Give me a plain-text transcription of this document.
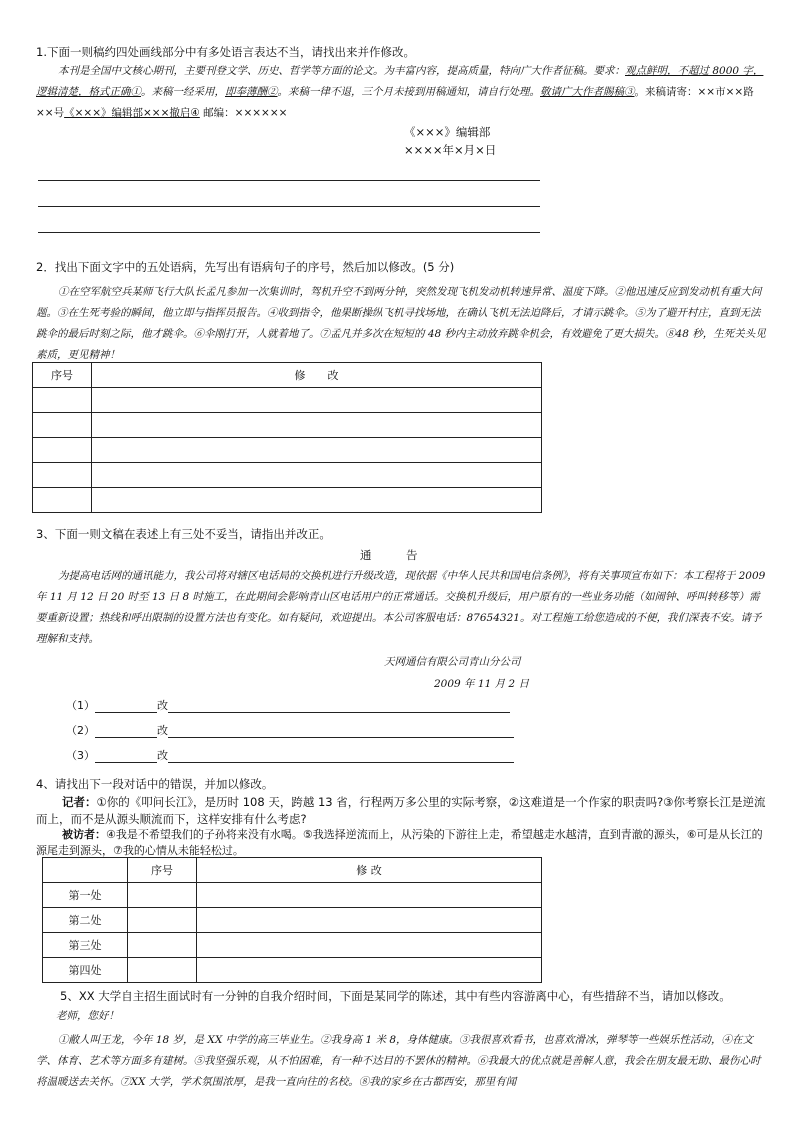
1.下面一则稿约四处画线部分中有多处语言表达不当，请找出来并作修改。
本刊是全国中文核心期刊，主要刊登文学、历史、哲学等方面的论文。为丰富内容，提高质量，特向广大作者征稿。要求：观点鲜明，不超过 8000 字，逻辑清楚，格式正确①。来稿一经采用，即奉薄酬②。来稿一律不退，三个月未接到用稿通知，请自行处理。敬请广大作者賜稿③。来稿请寄：××市××路××号《×××》编辑部×××撤启④ 邮编：××××××
《×××》编辑部
××××年×月×日
2．找出下面文字中的五处语病，先写出有语病句子的序号，然后加以修改。(5 分)
①在空军航空兵某师飞行大队长孟凡参加一次集训时，驾机升空不到两分钟，突然发现飞机发动机转速异常、温度下降。②他迅速反应到发动机有重大问题。③在生死考验的瞬间，他立即与指挥员报告。④收到指令，他果断操纵飞机寻找场地，在确认飞机无法迫降后，才请示跳伞。⑤为了避开村庄，直到无法跳伞的最后时刻之际，他才跳伞。⑥伞刚打开，人就着地了。⑦孟凡并多次在短短的 48 秒内主动放弃跳伞机会，有效避免了更大损失。⑧48 秒，生死关头见素质，更见精神！
序号	修　　改

3、下面一则文稿在表述上有三处不妥当，请指出并改正。
通　　　告
为提高电话网的通讯能力，我公司将对辖区电话局的交换机进行升级改造，现依据《中华人民共和国电信条例》，将有关事项宣布如下：本工程将于 2009 年 11 月 12 日 20 时至 13 日 8 时施工，在此期间会影响青山区电话用户的正常通话。交换机升级后，用户原有的一些业务功能（如闹钟、呼叫转移等）需要重新设置；热线和呼出限制的设置方法也有变化。如有疑问，欢迎提出。本公司客服电话：87654321。对工程施工给您造成的不便，我们深表不安。请予理解和支持。
天网通信有限公司青山分公司
2009 年 11 月 2 日
（1）	改
（2）	改
（3）	改
4、请找出下一段对话中的错误，并加以修改。
记者：①你的《叩问长江》，是历时 108 天，跨越 13 省，行程两万多公里的实际考察，②这难道是一个作家的职责吗?③你考察长江是逆流而上，而不是从源头顺流而下，这样安排有什么考虑?
被访者：④我是不希望我们的子孙将来没有水喝。⑤我选择逆流而上，从污染的下游往上走，希望越走水越清，直到青澈的源头，⑥可是从长江的源尾走到源头，⑦我的心情从未能轻松过。
	序号	修 改
第一处		
第二处		
第三处		
第四处		
5、XX 大学自主招生面试时有一分钟的自我介绍时间，下面是某同学的陈述，其中有些内容游离中心，有些措辞不当，请加以修改。
老师，您好！
①敝人叫王龙，今年 18 岁，是 XX 中学的高三毕业生。②我身高 1 米 8，身体健康。③我很喜欢看书，也喜欢滑冰，弹琴等一些娱乐性活动，④在文学、体育、艺术等方面多有建树。⑤我坚强乐观，从不怕困难，有一种不达目的不罢休的精神。⑥我最大的优点就是善解人意，我会在朋友最无助、最伤心时将温暖送去关怀。⑦XX 大学，学术氛围浓厚，是我一直向往的名校。⑧我的家乡在古都西安，那里有闻
